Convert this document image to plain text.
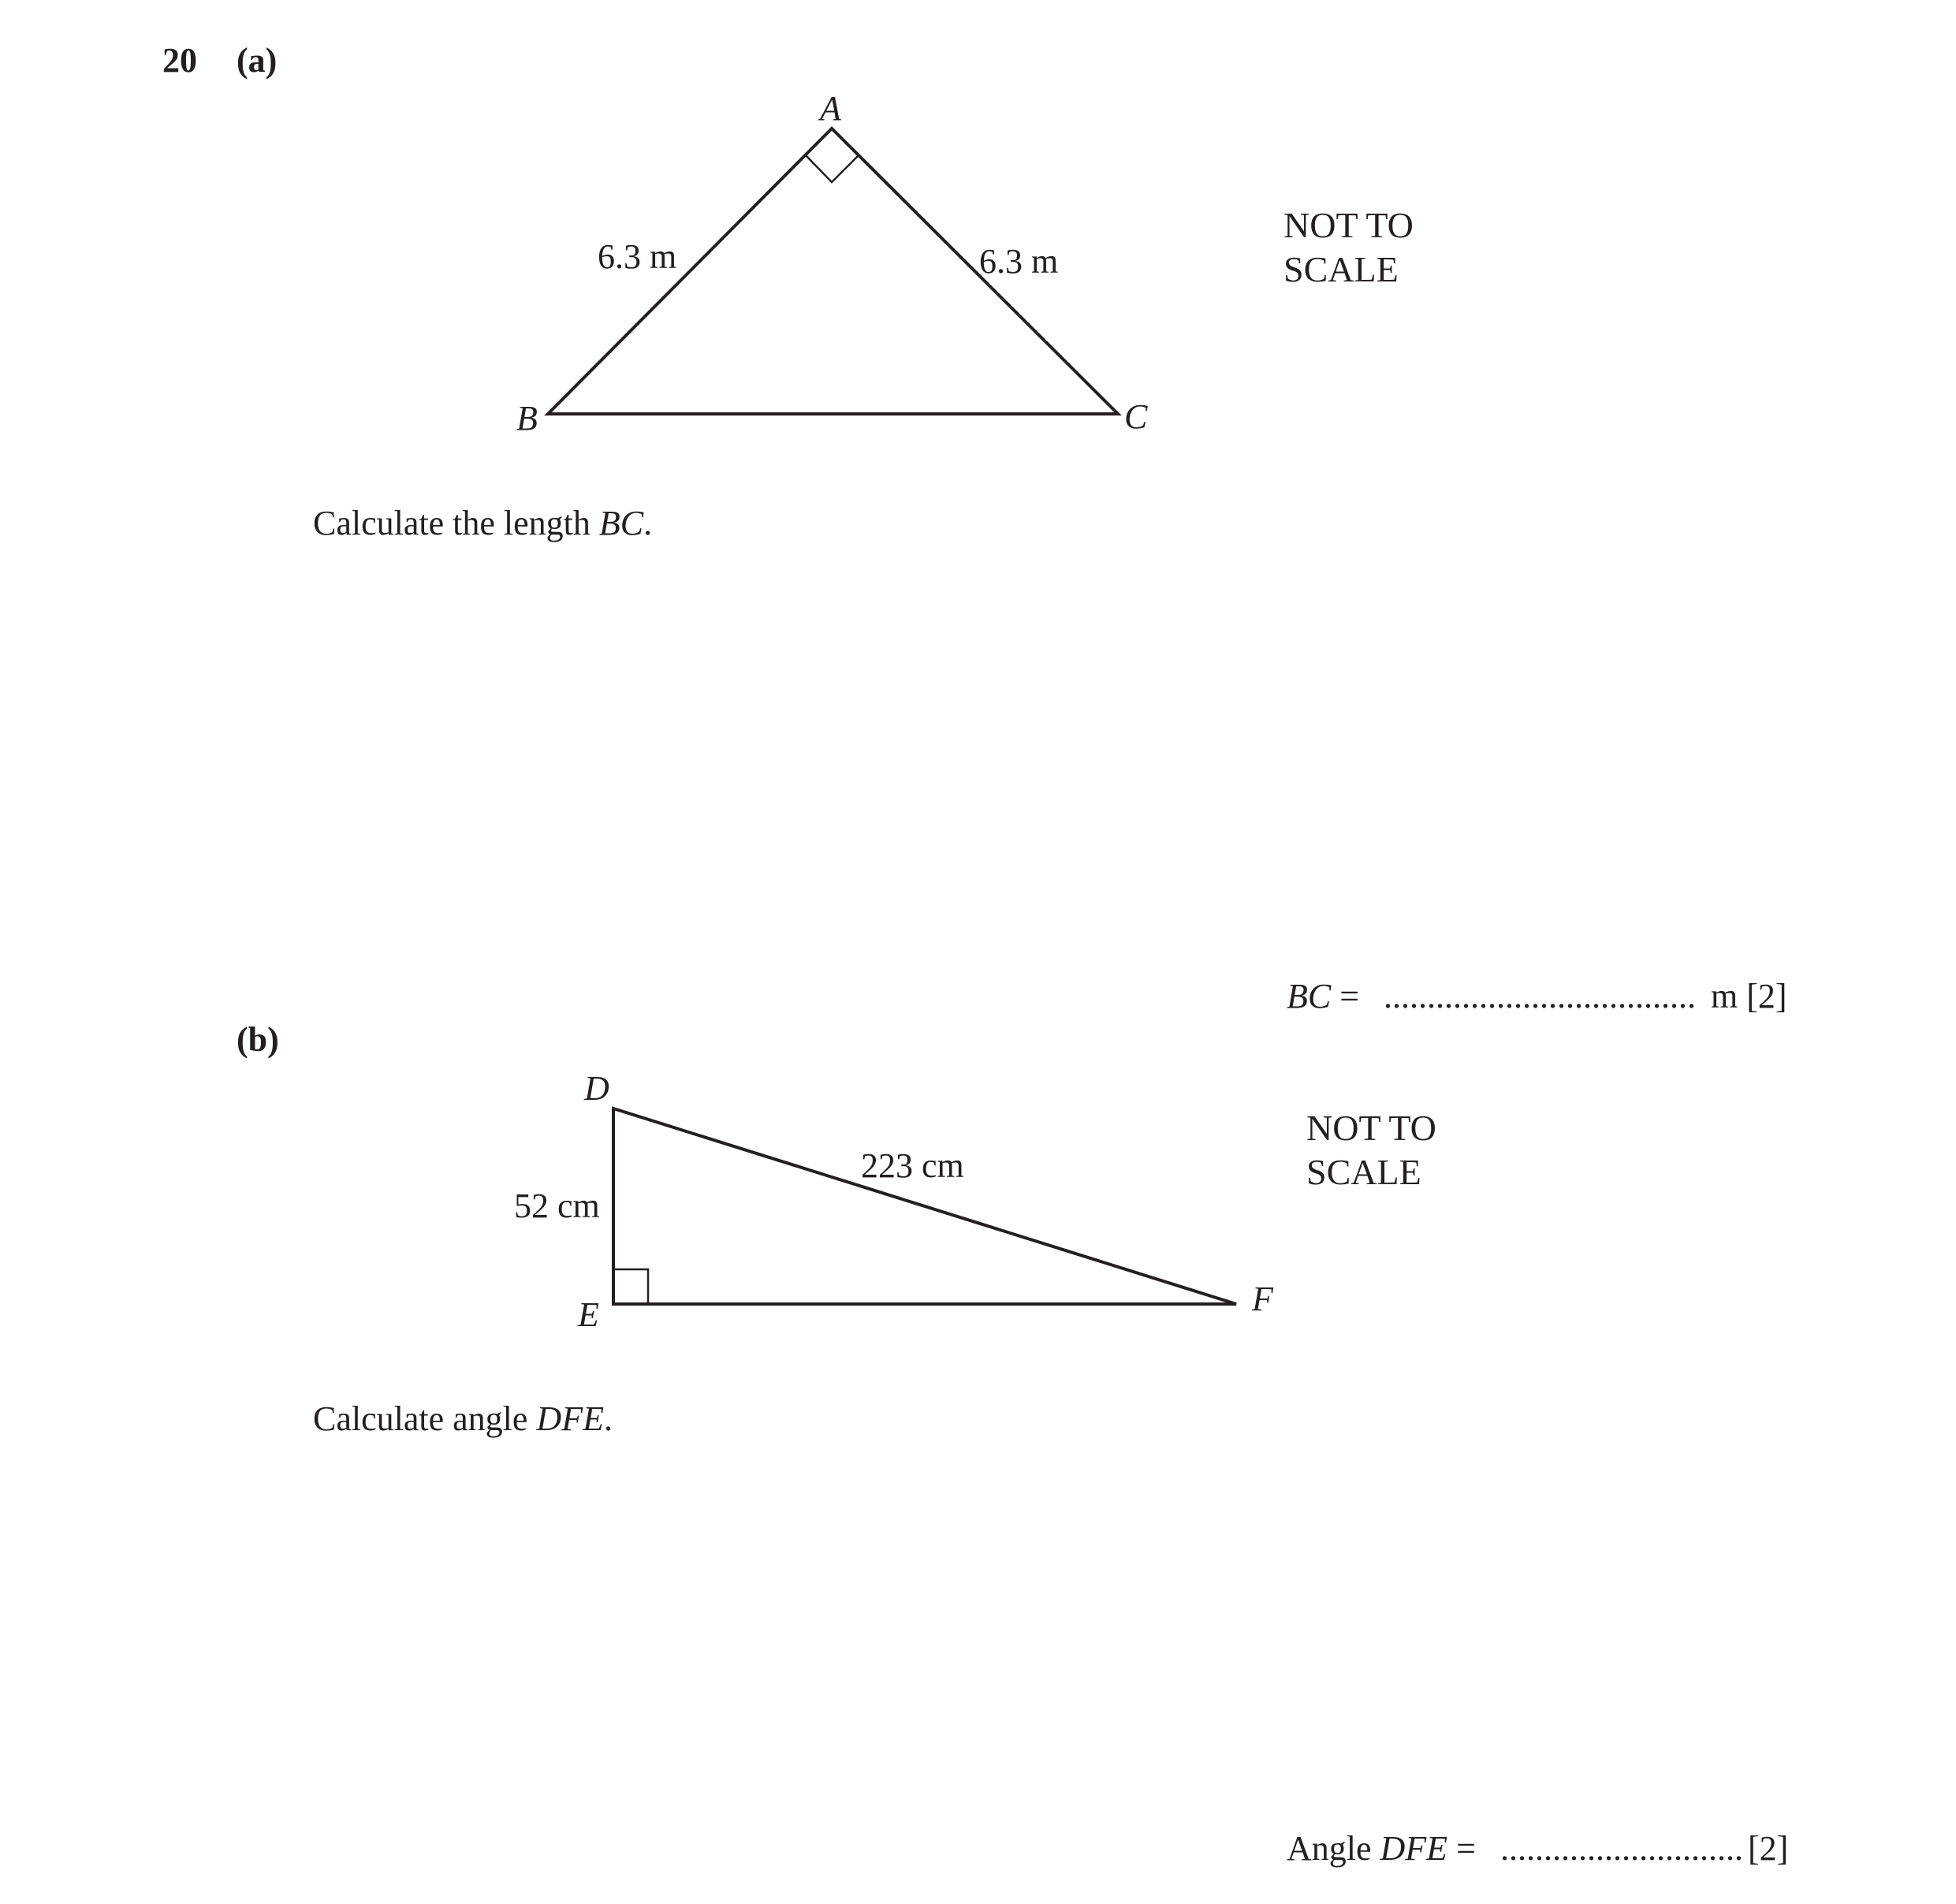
20 (a)
A
B	C
6.3 m	6.3 m
NOT TO
SCALE
Calculate the length BC.
BC = .................................... m [2]
(b)
D
E	F
52 cm
223 cm
NOT TO
SCALE
Calculate angle DFE.
Angle DFE = ............................ [2]
